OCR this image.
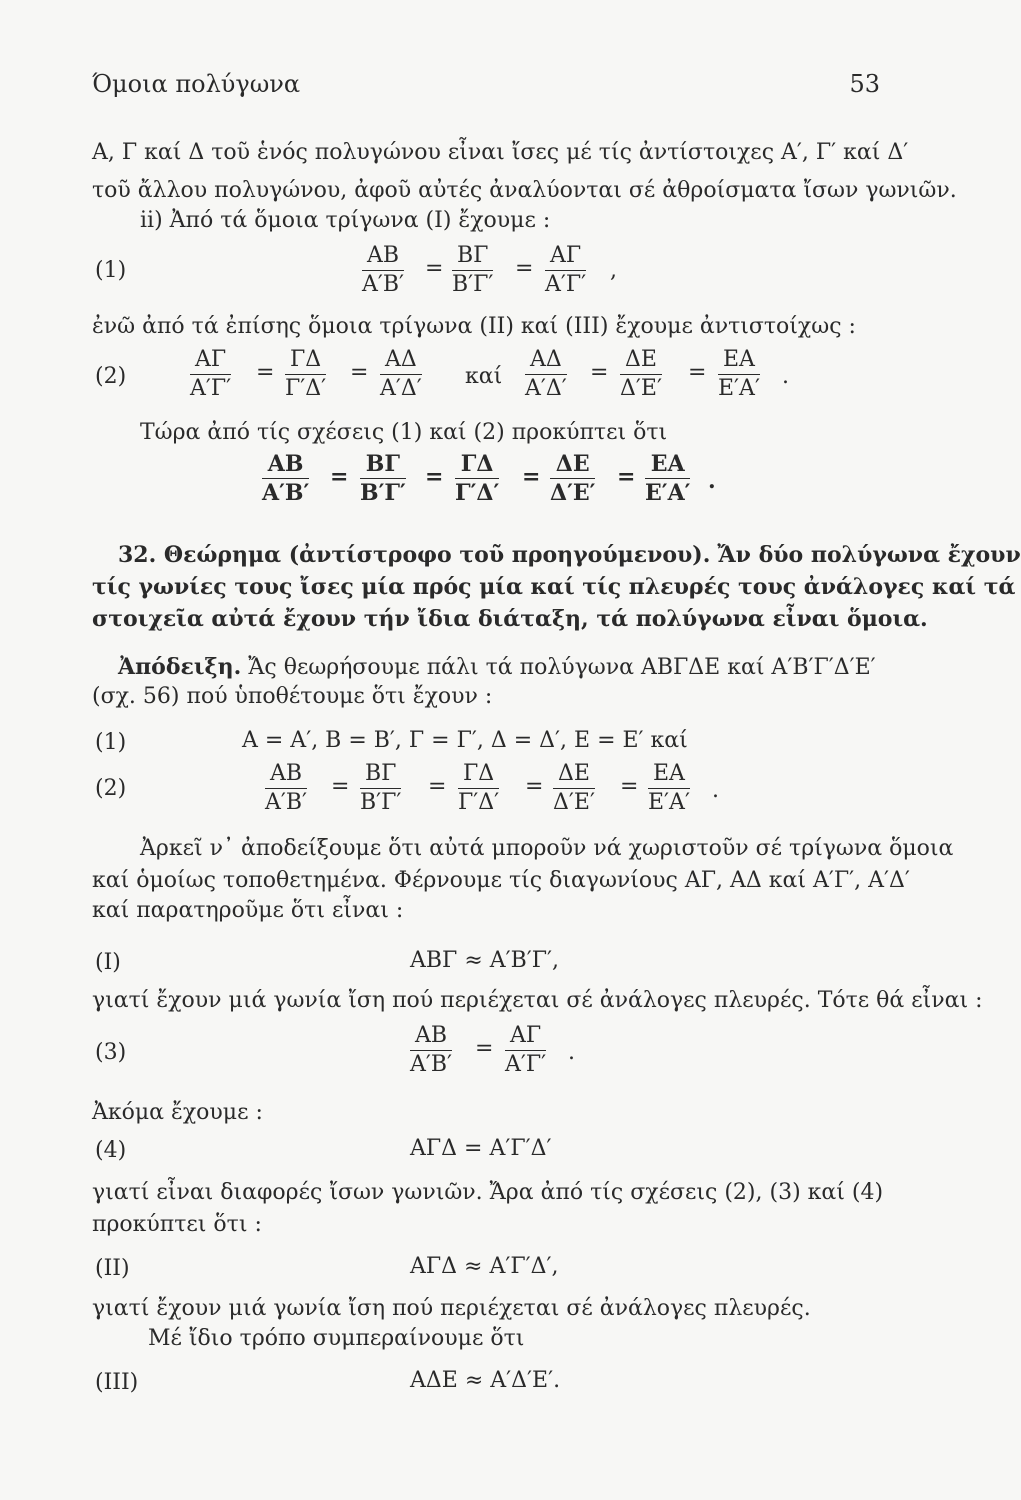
Όμοια πολύγωνα	53
A, Γ καί Δ τοῦ ἑνός πολυγώνου εἶναι ἴσες μέ τίς ἀντίστοιχες A′, Γ′ καί Δ′
τοῦ ἄλλου πολυγώνου, ἀφοῦ αὐτές ἀναλύονται σέ ἀθροίσματα ἴσων γωνιῶν.
ii) Ἀπό τά ὅμοια τρίγωνα (I) ἔχουμε :
(1)	$\frac{AB}{A'B'} = \frac{B\Gamma}{B'\Gamma'} = \frac{A\Gamma}{A'\Gamma'}$ ,
ἐνῶ ἀπό τά ἐπίσης ὅμοια τρίγωνα (II) καί (III) ἔχουμε ἀντιστοίχως :
(2)	$\frac{A\Gamma}{A'\Gamma'} = \frac{\Gamma\Delta}{\Gamma'\Delta'} = \frac{A\Delta}{A'\Delta'}$ καί $\frac{A\Delta}{A'\Delta'} = \frac{\Delta E}{\Delta'E'} = \frac{EA}{E'A'}$ .
Τώρα ἀπό τίς σχέσεις (1) καί (2) προκύπτει ὅτι
$\frac{AB}{A'B'} = \frac{B\Gamma}{B'\Gamma'} = \frac{\Gamma\Delta}{\Gamma'\Delta'} = \frac{\Delta E}{\Delta'E'} = \frac{EA}{E'A'}$ .
32. Θεώρημα (ἀντίστροφο τοῦ προηγούμενου). Ἄν δύο πολύγωνα ἔχουν
τίς γωνίες τους ἴσες μία πρός μία καί τίς πλευρές τους ἀνάλογες καί τά
στοιχεῖα αὐτά ἔχουν τήν ἴδια διάταξη, τά πολύγωνα εἶναι ὅμοια.
Ἀπόδειξη. Ἄς θεωρήσουμε πάλι τά πολύγωνα ΑΒΓΔΕ καί Α′Β′Γ′Δ′Ε′
(σχ. 56) πού ὑποθέτουμε ὅτι ἔχουν :
(1)	A = A′, B = B′, Γ = Γ′, Δ = Δ′, E = E′ καί
(2)	$\frac{AB}{A'B'} = \frac{B\Gamma}{B'\Gamma'} = \frac{\Gamma\Delta}{\Gamma'\Delta'} = \frac{\Delta E}{\Delta'E'} = \frac{EA}{E'A'}$ .
Ἀρκεῖ ν᾽ ἀποδείξουμε ὅτι αὐτά μποροῦν νά χωριστοῦν σέ τρίγωνα ὅμοια
καί ὁμοίως τοποθετημένα. Φέρνουμε τίς διαγωνίους ΑΓ, ΑΔ καί Α′Γ′, Α′Δ′
καί παρατηροῦμε ὅτι εἶναι :
(I)	ABΓ ≈ A′B′Γ′,
γιατί ἔχουν μιά γωνία ἴση πού περιέχεται σέ ἀνάλογες πλευρές. Τότε θά εἶναι :
(3)	$\frac{AB}{A'B'} = \frac{A\Gamma}{A'\Gamma'}$ .
Ἀκόμα ἔχουμε :
(4)	AΓΔ = A′Γ′Δ′
γιατί εἶναι διαφορές ἴσων γωνιῶν. Ἄρα ἀπό τίς σχέσεις (2), (3) καί (4)
προκύπτει ὅτι :
(II)	AΓΔ ≈ A′Γ′Δ′,
γιατί ἔχουν μιά γωνία ἴση πού περιέχεται σέ ἀνάλογες πλευρές.
Μέ ἴδιο τρόπο συμπεραίνουμε ὅτι
(III)	AΔE ≈ A′Δ′E′.
